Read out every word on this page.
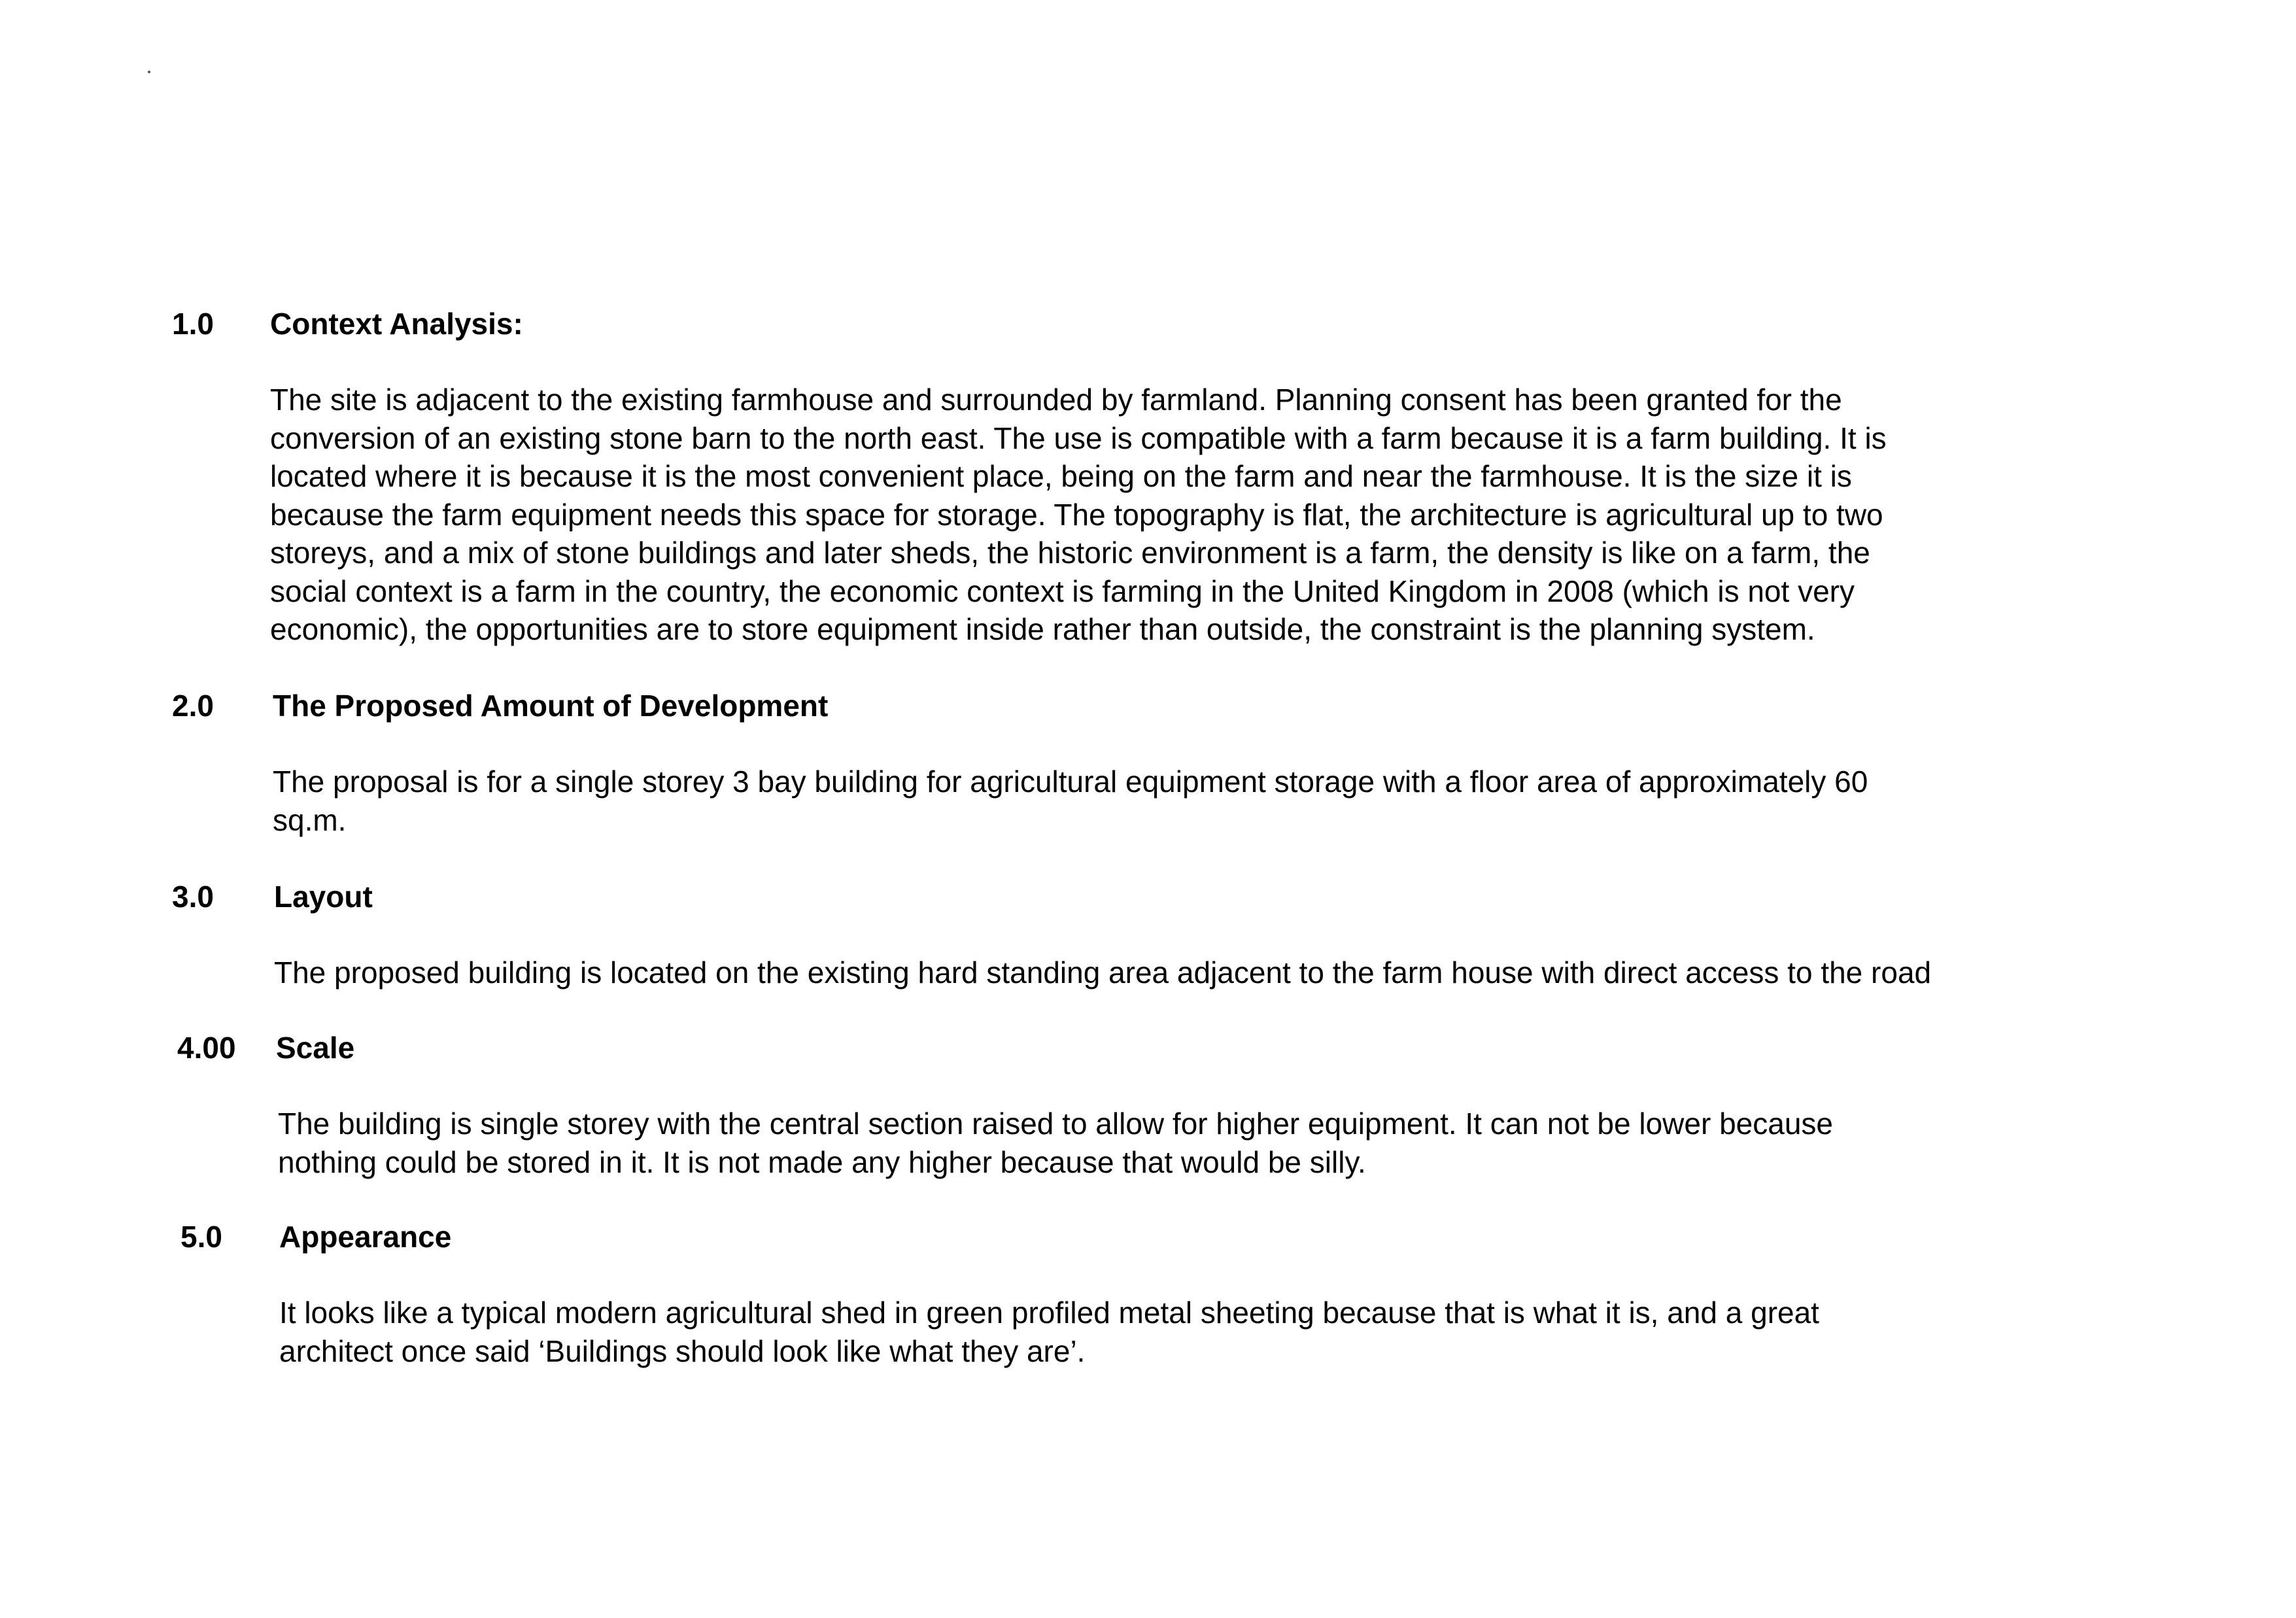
1.0 Context Analysis:
The site is adjacent to the existing farmhouse and surrounded by farmland. Planning consent has been granted for the
conversion of an existing stone barn to the north east. The use is compatible with a farm because it is a farm building. It is
located where it is because it is the most convenient place, being on the farm and near the farmhouse. It is the size it is
because the farm equipment needs this space for storage. The topography is flat, the architecture is agricultural up to two
storeys, and a mix of stone buildings and later sheds, the historic environment is a farm, the density is like on a farm, the
social context is a farm in the country, the economic context is farming in the United Kingdom in 2008 (which is not very
economic), the opportunities are to store equipment inside rather than outside, the constraint is the planning system.
2.0 The Proposed Amount of Development
The proposal is for a single storey 3 bay building for agricultural equipment storage with a floor area of approximately 60
sq.m.
3.0 Layout
The proposed building is located on the existing hard standing area adjacent to the farm house with direct access to the road
4.00 Scale
The building is single storey with the central section raised to allow for higher equipment. It can not be lower because
nothing could be stored in it. It is not made any higher because that would be silly.
5.0 Appearance
It looks like a typical modern agricultural shed in green profiled metal sheeting because that is what it is, and a great
architect once said ‘Buildings should look like what they are’.
